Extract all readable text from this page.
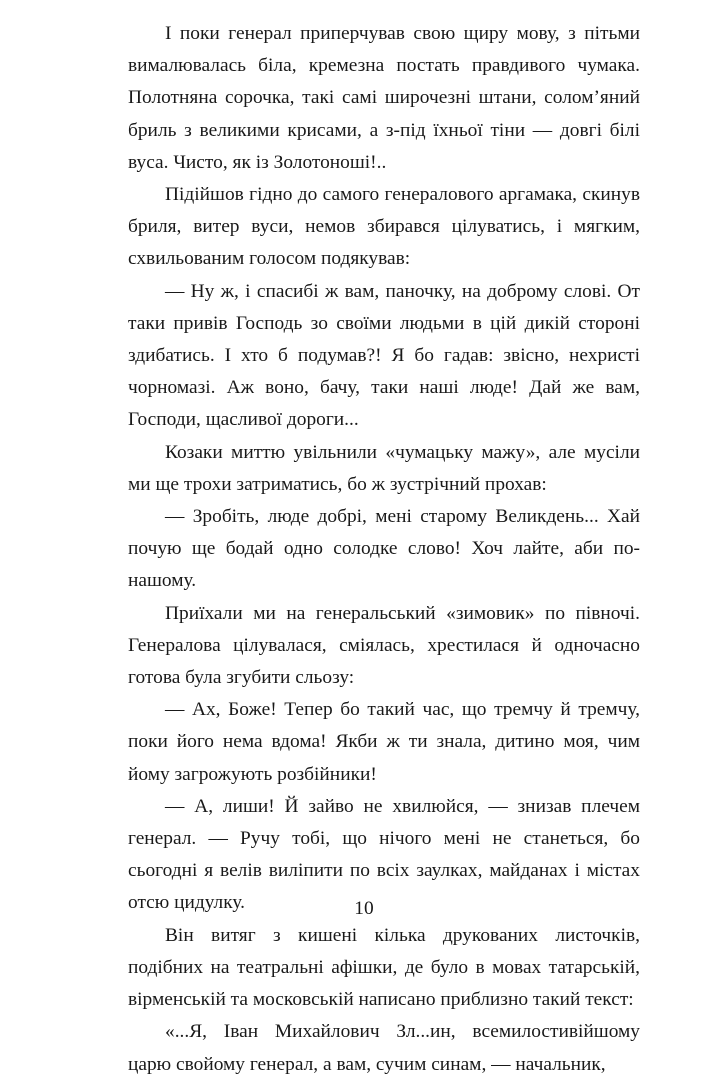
І поки генерал приперчував свою щиру мову, з пітьми вималювалась біла, кремезна постать правдивого чумака. Полотняна сорочка, такі самі широчезні штани, солом’яний бриль з великими крисами, а з-під їхньої тіни — довгі білі вуса. Чисто, як із Золотоноші!..

Підійшов гідно до самого генералового аргамака, скинув бриля, витер вуси, немов збирався цілуватись, і мягким, схвильованим голосом подякував:

— Ну ж, і спасибі ж вам, паночку, на доброму слові. От таки привів Господь зо своїми людьми в цій дикій стороні здибатись. І хто б подумав?! Я бо гадав: звісно, нехристі чорномазі. Аж воно, бачу, таки наші люде! Дай же вам, Господи, щасливої дороги...

Козаки миттю увільнили «чумацьку мажу», але мусіли ми ще трохи затриматись, бо ж зустрічний прохав:

— Зробіть, люде добрі, мені старому Великдень... Хай почую ще бодай одно солодке слово! Хоч лайте, аби по-нашому.

Приїхали ми на генеральський «зимовик» по півночі. Генералова цілувалася, сміялась, хрестилася й одночасно готова була згубити сльозу:

— Ах, Боже! Тепер бо такий час, що тремчу й тремчу, поки його нема вдома! Якби ж ти знала, дитино моя, чим йому загрожують розбійники!

— А, лиши! Й зайво не хвилюйся, — знизав плечем генерал. — Ручу тобі, що нічого мені не станеться, бо сьогодні я велів виліпити по всіх заулках, майданах і містах отсю цидулку.

Він витяг з кишені кілька друкованих листочків, подібних на театральні афішки, де було в мовах татарській, вірменській та московській написано приблизно такий текст:

«...Я, Іван Михайлович Зл...ин, всемилостивійшому царю свойому генерал, а вам, сучим синам, — начальник,

10
